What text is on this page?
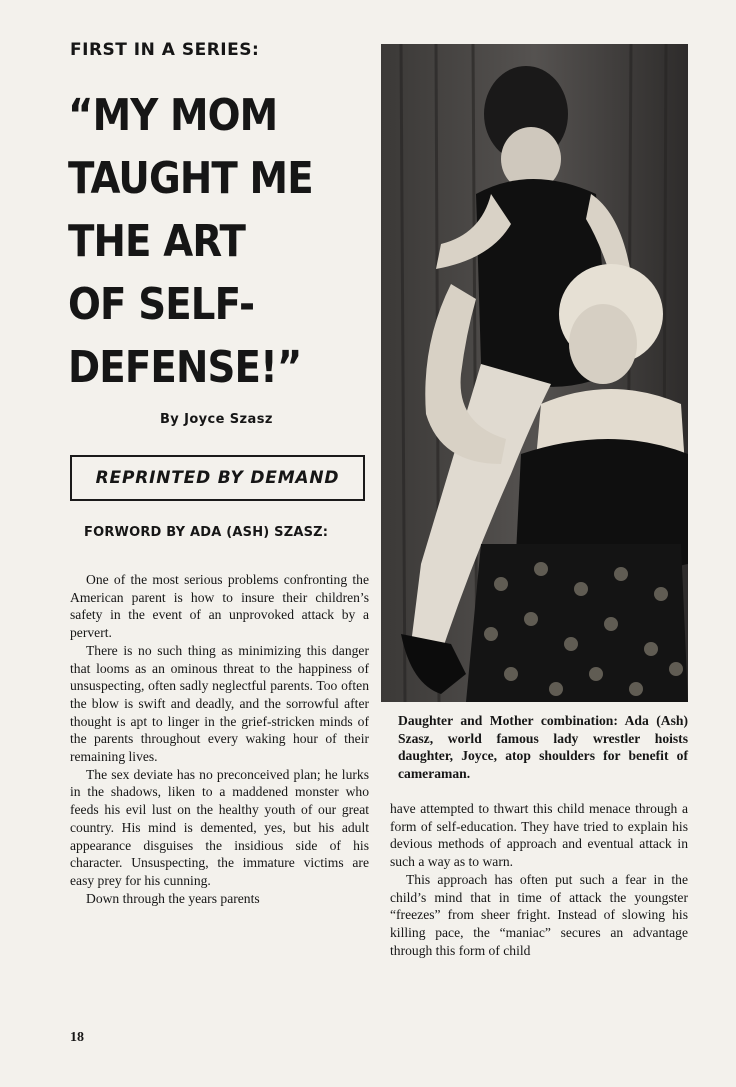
FIRST IN A SERIES:
“MY MOM
TAUGHT ME
THE ART
OF SELF-
DEFENSE!”
By Joyce Szasz
REPRINTED BY DEMAND
FORWORD BY ADA (ASH) SZASZ:

One of the most serious problems confronting the American parent is how to insure their children’s safety in the event of an unprovoked attack by a pervert.

There is no such thing as minimizing this danger that looms as an ominous threat to the happiness of unsuspecting, often sadly neglectful parents. Too often the blow is swift and deadly, and the sorrowful after thought is apt to linger in the grief-stricken minds of the parents throughout every waking hour of their remaining lives.

The sex deviate has no preconceived plan; he lurks in the shadows, liken to a maddened monster who feeds his evil lust on the healthy youth of our great country. His mind is demented, yes, but his adult appearance disguises the insidious side of his character. Unsuspecting, the immature victims are easy prey for his cunning.

Down through the years parents

Daughter and Mother combination: Ada (Ash) Szasz, world famous lady wrestler hoists daughter, Joyce, atop shoulders for benefit of cameraman.

have attempted to thwart this child menace through a form of self-education. They have tried to explain his devious methods of approach and eventual attack in such a way as to warn.

This approach has often put such a fear in the child’s mind that in time of attack the youngster “freezes” from sheer fright. Instead of slowing his killing pace, the “maniac” secures an advantage through this form of child

18
